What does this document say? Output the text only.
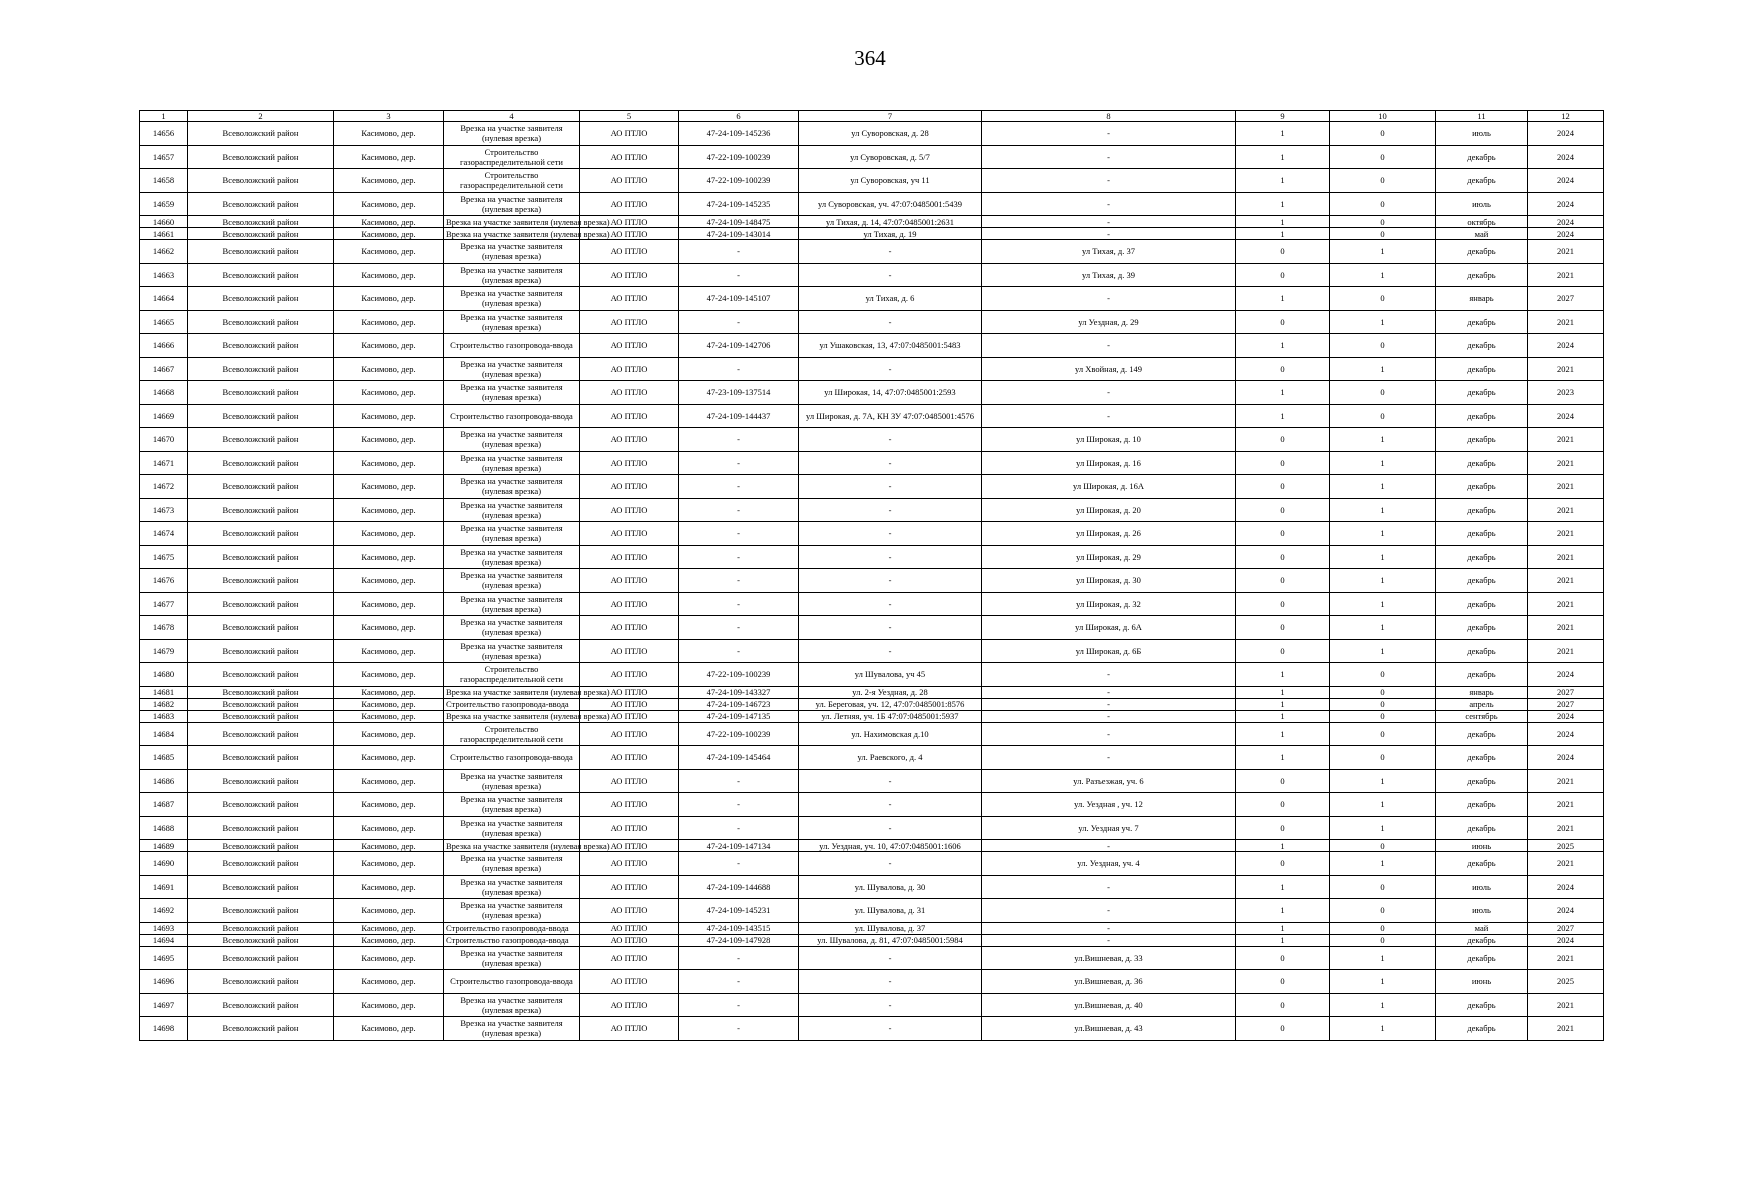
364
1	2	3	4	5	6	7	8	9	10	11	12
14656	Всеволожский район	Касимово, дер.	Врезка на участке заявителя (нулевая врезка)	АО ПТЛО	47-24-109-145236	ул Суворовская, д. 28	-	1	0	июль	2024
14657	Всеволожский район	Касимово, дер.	Строительство газораспределительной сети	АО ПТЛО	47-22-109-100239	ул Суворовская, д. 5/7	-	1	0	декабрь	2024
14658	Всеволожский район	Касимово, дер.	Строительство газораспределительной сети	АО ПТЛО	47-22-109-100239	ул Суворовская, уч 11	-	1	0	декабрь	2024
14659	Всеволожский район	Касимово, дер.	Врезка на участке заявителя (нулевая врезка)	АО ПТЛО	47-24-109-145235	ул Суворовская, уч. 47:07:0485001:5439	-	1	0	июль	2024
14660	Всеволожский район	Касимово, дер.	Врезка на участке заявителя (нулевая врезка)	АО ПТЛО	47-24-109-148475	ул Тихая, д. 14, 47:07:0485001:2631	-	1	0	октябрь	2024
14661	Всеволожский район	Касимово, дер.	Врезка на участке заявителя (нулевая врезка)	АО ПТЛО	47-24-109-143014	ул Тихая, д. 19	-	1	0	май	2024
14662	Всеволожский район	Касимово, дер.	Врезка на участке заявителя (нулевая врезка)	АО ПТЛО	-	-	ул Тихая, д. 37	0	1	декабрь	2021
14663	Всеволожский район	Касимово, дер.	Врезка на участке заявителя (нулевая врезка)	АО ПТЛО	-	-	ул Тихая, д. 39	0	1	декабрь	2021
14664	Всеволожский район	Касимово, дер.	Врезка на участке заявителя (нулевая врезка)	АО ПТЛО	47-24-109-145107	ул Тихая, д. 6	-	1	0	январь	2027
14665	Всеволожский район	Касимово, дер.	Врезка на участке заявителя (нулевая врезка)	АО ПТЛО	-	-	ул Уездная, д. 29	0	1	декабрь	2021
14666	Всеволожский район	Касимово, дер.	Строительство газопровода-ввода	АО ПТЛО	47-24-109-142706	ул Ушаковская, 13, 47:07:0485001:5483	-	1	0	декабрь	2024
14667	Всеволожский район	Касимово, дер.	Врезка на участке заявителя (нулевая врезка)	АО ПТЛО	-	-	ул Хвойная, д. 149	0	1	декабрь	2021
14668	Всеволожский район	Касимово, дер.	Врезка на участке заявителя (нулевая врезка)	АО ПТЛО	47-23-109-137514	ул Широкая, 14, 47:07:0485001:2593	-	1	0	декабрь	2023
14669	Всеволожский район	Касимово, дер.	Строительство газопровода-ввода	АО ПТЛО	47-24-109-144437	ул Широкая, д. 7А, КН ЗУ 47:07:0485001:4576	-	1	0	декабрь	2024
14670	Всеволожский район	Касимово, дер.	Врезка на участке заявителя (нулевая врезка)	АО ПТЛО	-	-	ул Широкая, д. 10	0	1	декабрь	2021
14671	Всеволожский район	Касимово, дер.	Врезка на участке заявителя (нулевая врезка)	АО ПТЛО	-	-	ул Широкая, д. 16	0	1	декабрь	2021
14672	Всеволожский район	Касимово, дер.	Врезка на участке заявителя (нулевая врезка)	АО ПТЛО	-	-	ул Широкая, д. 16А	0	1	декабрь	2021
14673	Всеволожский район	Касимово, дер.	Врезка на участке заявителя (нулевая врезка)	АО ПТЛО	-	-	ул Широкая, д. 20	0	1	декабрь	2021
14674	Всеволожский район	Касимово, дер.	Врезка на участке заявителя (нулевая врезка)	АО ПТЛО	-	-	ул Широкая, д. 26	0	1	декабрь	2021
14675	Всеволожский район	Касимово, дер.	Врезка на участке заявителя (нулевая врезка)	АО ПТЛО	-	-	ул Широкая, д. 29	0	1	декабрь	2021
14676	Всеволожский район	Касимово, дер.	Врезка на участке заявителя (нулевая врезка)	АО ПТЛО	-	-	ул Широкая, д. 30	0	1	декабрь	2021
14677	Всеволожский район	Касимово, дер.	Врезка на участке заявителя (нулевая врезка)	АО ПТЛО	-	-	ул Широкая, д. 32	0	1	декабрь	2021
14678	Всеволожский район	Касимово, дер.	Врезка на участке заявителя (нулевая врезка)	АО ПТЛО	-	-	ул Широкая, д. 6А	0	1	декабрь	2021
14679	Всеволожский район	Касимово, дер.	Врезка на участке заявителя (нулевая врезка)	АО ПТЛО	-	-	ул Широкая, д. 6Б	0	1	декабрь	2021
14680	Всеволожский район	Касимово, дер.	Строительство газораспределительной сети	АО ПТЛО	47-22-109-100239	ул Шувалова, уч 45	-	1	0	декабрь	2024
14681	Всеволожский район	Касимово, дер.	Врезка на участке заявителя (нулевая врезка)	АО ПТЛО	47-24-109-143327	ул. 2-я Уездная, д. 28	-	1	0	январь	2027
14682	Всеволожский район	Касимово, дер.	Строительство газопровода-ввода	АО ПТЛО	47-24-109-146723	ул. Береговая, уч. 12, 47:07:0485001:8576	-	1	0	апрель	2027
14683	Всеволожский район	Касимово, дер.	Врезка на участке заявителя (нулевая врезка)	АО ПТЛО	47-24-109-147135	ул. Летняя, уч. 1Б 47:07:0485001:5937	-	1	0	сентябрь	2024
14684	Всеволожский район	Касимово, дер.	Строительство газораспределительной сети	АО ПТЛО	47-22-109-100239	ул. Нахимовская д.10	-	1	0	декабрь	2024
14685	Всеволожский район	Касимово, дер.	Строительство газопровода-ввода	АО ПТЛО	47-24-109-145464	ул. Раевского, д. 4	-	1	0	декабрь	2024
14686	Всеволожский район	Касимово, дер.	Врезка на участке заявителя (нулевая врезка)	АО ПТЛО	-	-	ул. Разъезжая, уч. 6	0	1	декабрь	2021
14687	Всеволожский район	Касимово, дер.	Врезка на участке заявителя (нулевая врезка)	АО ПТЛО	-	-	ул. Уездная , уч. 12	0	1	декабрь	2021
14688	Всеволожский район	Касимово, дер.	Врезка на участке заявителя (нулевая врезка)	АО ПТЛО	-	-	ул. Уездная уч. 7	0	1	декабрь	2021
14689	Всеволожский район	Касимово, дер.	Врезка на участке заявителя (нулевая врезка)	АО ПТЛО	47-24-109-147134	ул. Уездная, уч. 10, 47:07:0485001:1606	-	1	0	июнь	2025
14690	Всеволожский район	Касимово, дер.	Врезка на участке заявителя (нулевая врезка)	АО ПТЛО	-	-	ул. Уездная, уч. 4	0	1	декабрь	2021
14691	Всеволожский район	Касимово, дер.	Врезка на участке заявителя (нулевая врезка)	АО ПТЛО	47-24-109-144688	ул. Шувалова, д. 30	-	1	0	июль	2024
14692	Всеволожский район	Касимово, дер.	Врезка на участке заявителя (нулевая врезка)	АО ПТЛО	47-24-109-145231	ул. Шувалова, д. 31	-	1	0	июль	2024
14693	Всеволожский район	Касимово, дер.	Строительство газопровода-ввода	АО ПТЛО	47-24-109-143515	ул. Шувалова, д. 37	-	1	0	май	2027
14694	Всеволожский район	Касимово, дер.	Строительство газопровода-ввода	АО ПТЛО	47-24-109-147928	ул. Шувалова, д. 81, 47:07:0485001:5984	-	1	0	декабрь	2024
14695	Всеволожский район	Касимово, дер.	Врезка на участке заявителя (нулевая врезка)	АО ПТЛО	-	-	ул.Вишневая, д. 33	0	1	декабрь	2021
14696	Всеволожский район	Касимово, дер.	Строительство газопровода-ввода	АО ПТЛО	-	-	ул.Вишневая, д. 36	0	1	июнь	2025
14697	Всеволожский район	Касимово, дер.	Врезка на участке заявителя (нулевая врезка)	АО ПТЛО	-	-	ул.Вишневая, д. 40	0	1	декабрь	2021
14698	Всеволожский район	Касимово, дер.	Врезка на участке заявителя (нулевая врезка)	АО ПТЛО	-	-	ул.Вишневая, д. 43	0	1	декабрь	2021
